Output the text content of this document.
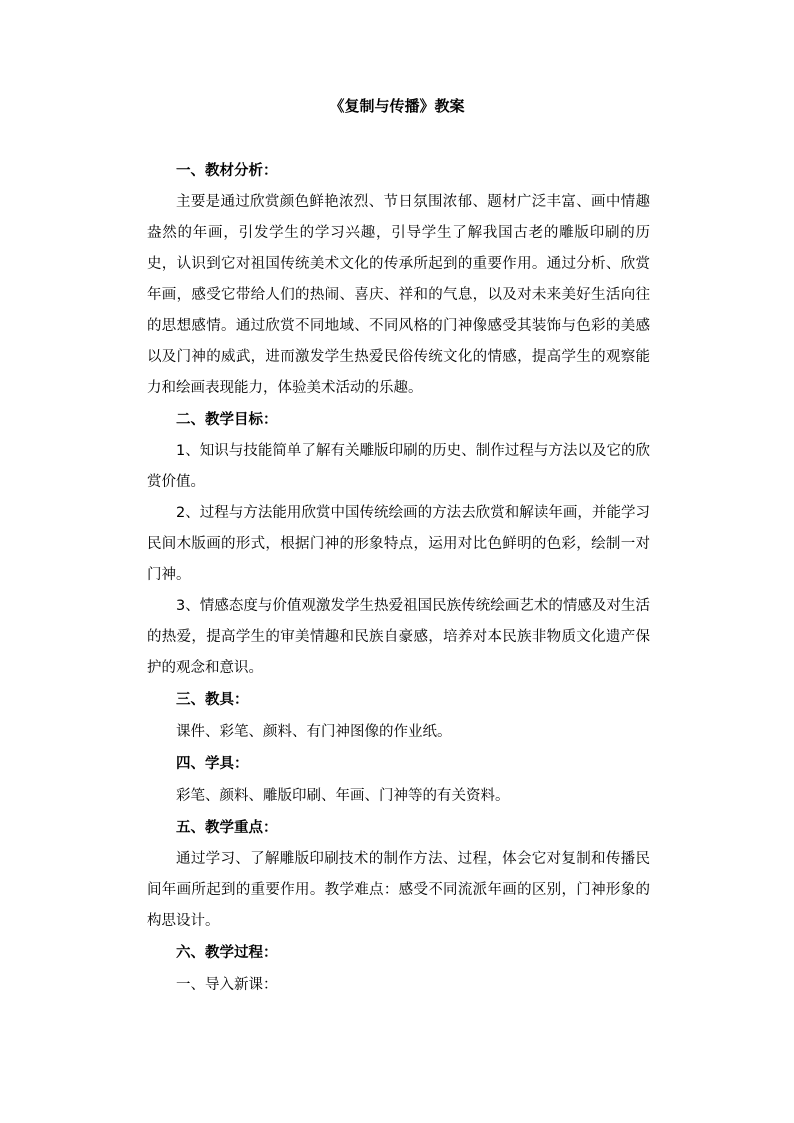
《复制与传播》教案
一、教材分析：
主要是通过欣赏颜色鲜艳浓烈、节日氛围浓郁、题材广泛丰富、画中情趣盎然的年画，引发学生的学习兴趣，引导学生了解我国古老的雕版印刷的历史，认识到它对祖国传统美术文化的传承所起到的重要作用。通过分析、欣赏年画，感受它带给人们的热闹、喜庆、祥和的气息，以及对未来美好生活向往的思想感情。通过欣赏不同地域、不同风格的门神像感受其装饰与色彩的美感以及门神的威武，进而激发学生热爱民俗传统文化的情感，提高学生的观察能力和绘画表现能力，体验美术活动的乐趣。
二、教学目标：
1、知识与技能简单了解有关雕版印刷的历史、制作过程与方法以及它的欣赏价值。
2、过程与方法能用欣赏中国传统绘画的方法去欣赏和解读年画，并能学习民间木版画的形式，根据门神的形象特点，运用对比色鲜明的色彩，绘制一对门神。
3、情感态度与价值观激发学生热爱祖国民族传统绘画艺术的情感及对生活的热爱，提高学生的审美情趣和民族自豪感，培养对本民族非物质文化遗产保护的观念和意识。
三、教具：
课件、彩笔、颜料、有门神图像的作业纸。
四、学具：
彩笔、颜料、雕版印刷、年画、门神等的有关资料。
五、教学重点：
通过学习、了解雕版印刷技术的制作方法、过程，体会它对复制和传播民间年画所起到的重要作用。教学难点：感受不同流派年画的区别，门神形象的构思设计。
六、教学过程：
一、导入新课：
